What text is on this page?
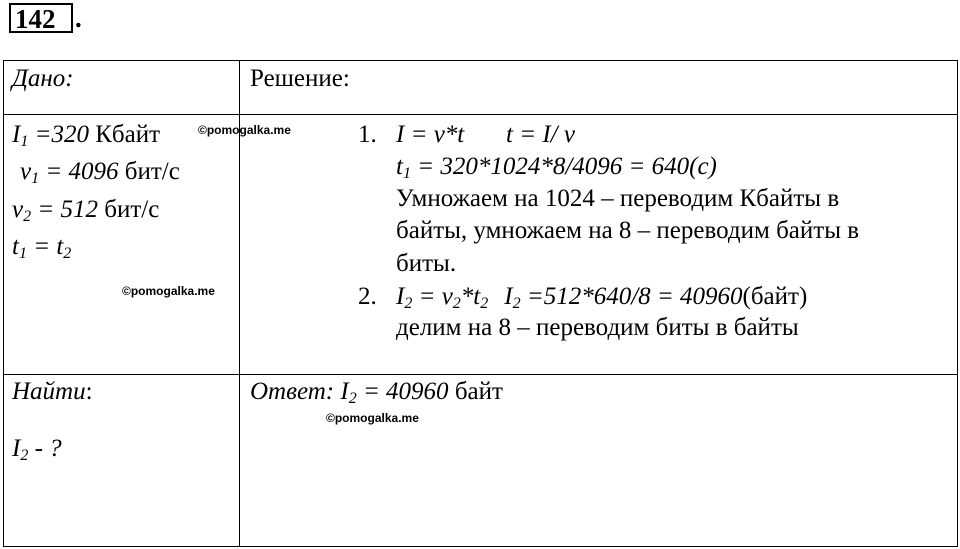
142 .
Дано:	Решение:
$I_1 =320$ Кбайт
$v_1 = 4096$ бит/с
$v_2 = 512$ бит/с
$t_1 = t_2$
©pomogalka.me
©pomogalka.me
©pomogalka.me
1. I = v*t t = I/ v
$t_1 = 320*1024*8/4096 = 640(с)$
Умножаем на 1024 – переводим Кбайты в
байты, умножаем на 8 – переводим байты в
биты.
2. $I_2 = v_2*t_2$ $I_2 =512*640/8$ = 40960(байт)
делим на 8 – переводим биты в байты
Найти:
$I_2$ - ?
Ответ: $I_2 = 40960$ байт
